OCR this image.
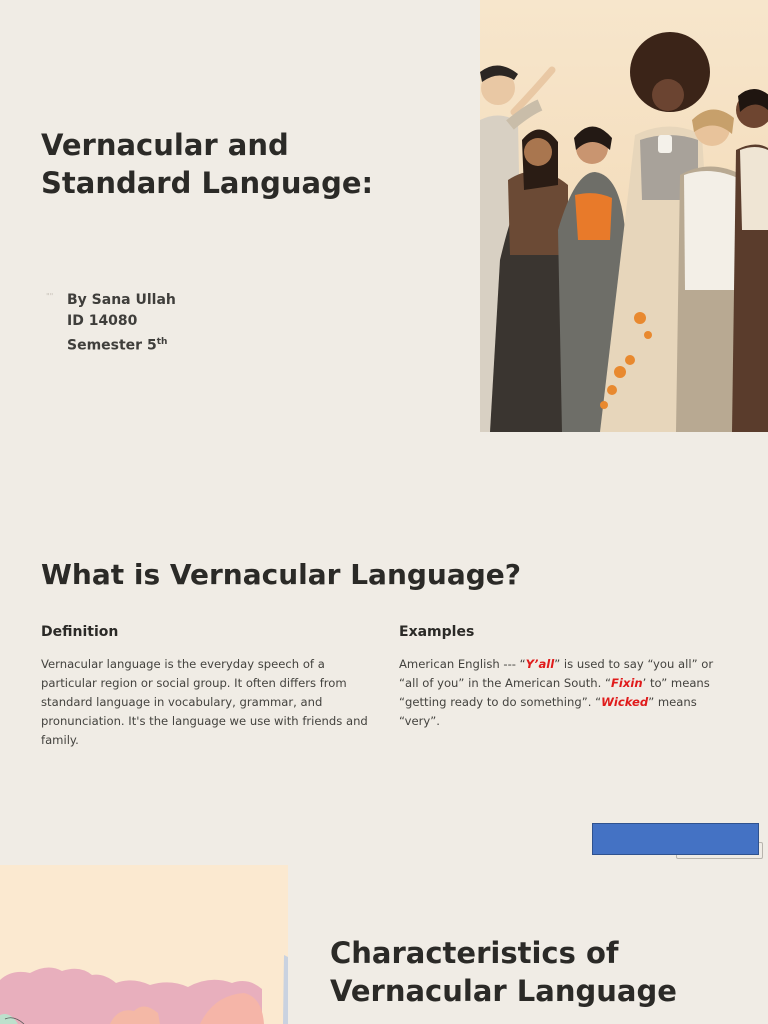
Vernacular and
Standard Language:
"" By Sana Ullah
ID 14080
Semester 5th
What is Vernacular Language?
Definition

Vernacular language is the everyday speech of a particular region or social group. It often differs from standard language in vocabulary, grammar, and pronunciation. It's the language we use with friends and family.

Examples

American English --- “Y’all” is used to say “you all” or “all of you” in the American South. “Fixin’ to” means “getting ready to do something”. “Wicked” means “very”.

Characteristics of
Vernacular Language
